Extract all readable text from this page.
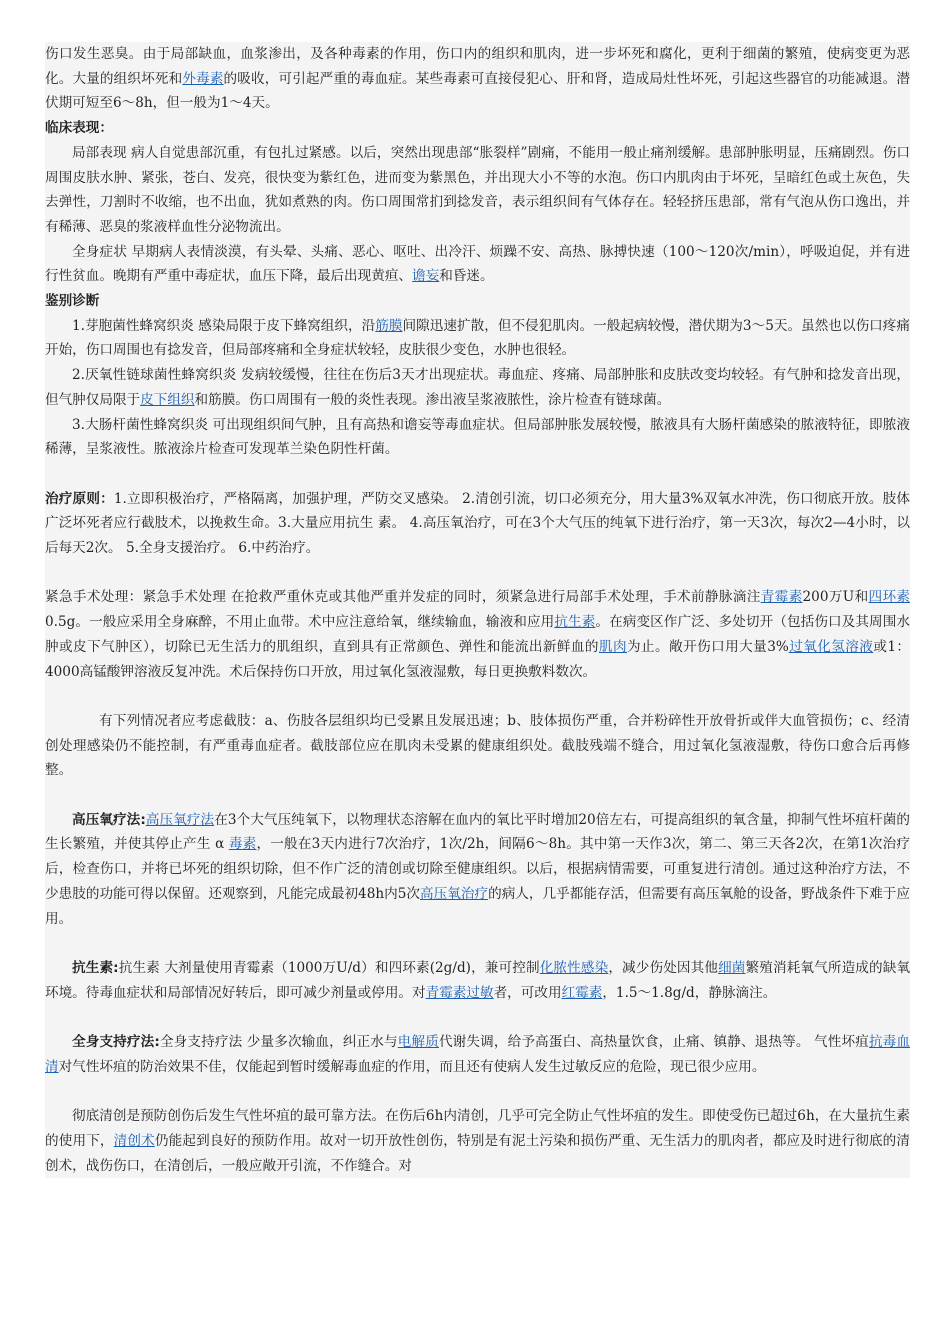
伤口发生恶臭。由于局部缺血，血浆渗出，及各种毒素的作用，伤口内的组织和肌肉，进一步坏死和腐化，更利于细菌的繁殖，使病变更为恶化。大量的组织坏死和外毒素的吸收，可引起严重的毒血症。某些毒素可直接侵犯心、肝和肾，造成局灶性坏死，引起这些器官的功能减退。潜伏期可短至6～8h，但一般为1～4天。

临床表现：

局部表现 病人自觉患部沉重，有包扎过紧感。以后，突然出现患部“胀裂样”剧痛，不能用一般止痛剂缓解。患部肿胀明显，压痛剧烈。伤口周围皮肤水肿、紧张，苍白、发亮，很快变为紫红色，进而变为紫黑色，并出现大小不等的水泡。伤口内肌肉由于坏死，呈暗红色或土灰色，失去弹性，刀割时不收缩，也不出血，犹如煮熟的肉。伤口周围常扪到捻发音，表示组织间有气体存在。轻轻挤压患部，常有气泡从伤口逸出，并有稀薄、恶臭的浆液样血性分泌物流出。

全身症状 早期病人表情淡漠，有头晕、头痛、恶心、呕吐、出冷汗、烦躁不安、高热、脉搏快速（100～120次/min），呼吸迫促，并有进行性贫血。晚期有严重中毒症状，血压下降，最后出现黄疸、谵妄和昏迷。

鉴别诊断

1.芽胞菌性蜂窝织炎 感染局限于皮下蜂窝组织，沿筋膜间隙迅速扩散，但不侵犯肌肉。一般起病较慢，潜伏期为3～5天。虽然也以伤口疼痛开始，伤口周围也有捻发音，但局部疼痛和全身症状较轻，皮肤很少变色，水肿也很轻。

2.厌氧性链球菌性蜂窝织炎 发病较缓慢，往往在伤后3天才出现症状。毒血症、疼痛、局部肿胀和皮肤改变均较轻。有气肿和捻发音出现，但气肿仅局限于皮下组织和筋膜。伤口周围有一般的炎性表现。渗出液呈浆液脓性，涂片检查有链球菌。

3.大肠杆菌性蜂窝织炎 可出现组织间气肿，且有高热和谵妄等毒血症状。但局部肿胀发展较慢，脓液具有大肠杆菌感染的脓液特征，即脓液稀薄，呈浆液性。脓液涂片检查可发现革兰染色阴性杆菌。

治疗原则：1.立即积极治疗，严格隔离，加强护理，严防交叉感染。 2.清创引流，切口必须充分，用大量3%双氧水冲洗，伤口彻底开放。肢体广泛坏死者应行截肢术，以挽救生命。3.大量应用抗生 素。 4.高压氧治疗，可在3个大气压的纯氧下进行治疗，第一天3次，每次2—4小时，以后每天2次。 5.全身支援治疗。 6.中药治疗。

紧急手术处理：紧急手术处理 在抢救严重休克或其他严重并发症的同时，须紧急进行局部手术处理，手术前静脉滴注青霉素200万U和四环素0.5g。一般应采用全身麻醉，不用止血带。术中应注意给氧，继续输血，输液和应用抗生素。在病变区作广泛、多处切开（包括伤口及其周围水肿或皮下气肿区），切除已无生活力的肌组织，直到具有正常颜色、弹性和能流出新鲜血的肌肉为止。敞开伤口用大量3%过氧化氢溶液或1：4000高锰酸钾溶液反复冲洗。术后保持伤口开放，用过氧化氢液湿敷，每日更换敷料数次。

有下列情况者应考虑截肢：a、伤肢各层组织均已受累且发展迅速；b、肢体损伤严重，合并粉碎性开放骨折或伴大血管损伤；c、经清创处理感染仍不能控制，有严重毒血症者。截肢部位应在肌肉未受累的健康组织处。截肢残端不缝合，用过氧化氢液湿敷，待伤口愈合后再修整。

高压氧疗法:高压氧疗法在3个大气压纯氧下，以物理状态溶解在血内的氧比平时增加20倍左右，可提高组织的氧含量，抑制气性坏疽杆菌的生长繁殖，并使其停止产生 α 毒素，一般在3天内进行7次治疗，1次/2h，间隔6～8h。其中第一天作3次，第二、第三天各2次，在第1次治疗后，检查伤口，并将已坏死的组织切除，但不作广泛的清创或切除至健康组织。以后，根据病情需要，可重复进行清创。通过这种治疗方法，不少患肢的功能可得以保留。还观察到，凡能完成最初48h内5次高压氧治疗的病人，几乎都能存活，但需要有高压氧舱的设备，野战条件下难于应用。

抗生素:抗生素 大剂量使用青霉素（1000万U/d）和四环素(2g/d)，兼可控制化脓性感染，减少伤处因其他细菌繁殖消耗氧气所造成的缺氧环境。待毒血症状和局部情况好转后，即可减少剂量或停用。对青霉素过敏者，可改用红霉素，1.5～1.8g/d，静脉滴注。

全身支持疗法:全身支持疗法 少量多次输血，纠正水与电解质代谢失调，给予高蛋白、高热量饮食，止痛、镇静、退热等。 气性坏疽抗毒血清对气性坏疽的防治效果不佳，仅能起到暂时缓解毒血症的作用，而且还有使病人发生过敏反应的危险，现已很少应用。

彻底清创是预防创伤后发生气性坏疽的最可靠方法。在伤后6h内清创，几乎可完全防止气性坏疽的发生。即使受伤已超过6h，在大量抗生素的使用下，清创术仍能起到良好的预防作用。故对一切开放性创伤，特别是有泥土污染和损伤严重、无生活力的肌肉者，都应及时进行彻底的清创术，战伤伤口，在清创后，一般应敞开引流，不作缝合。对
